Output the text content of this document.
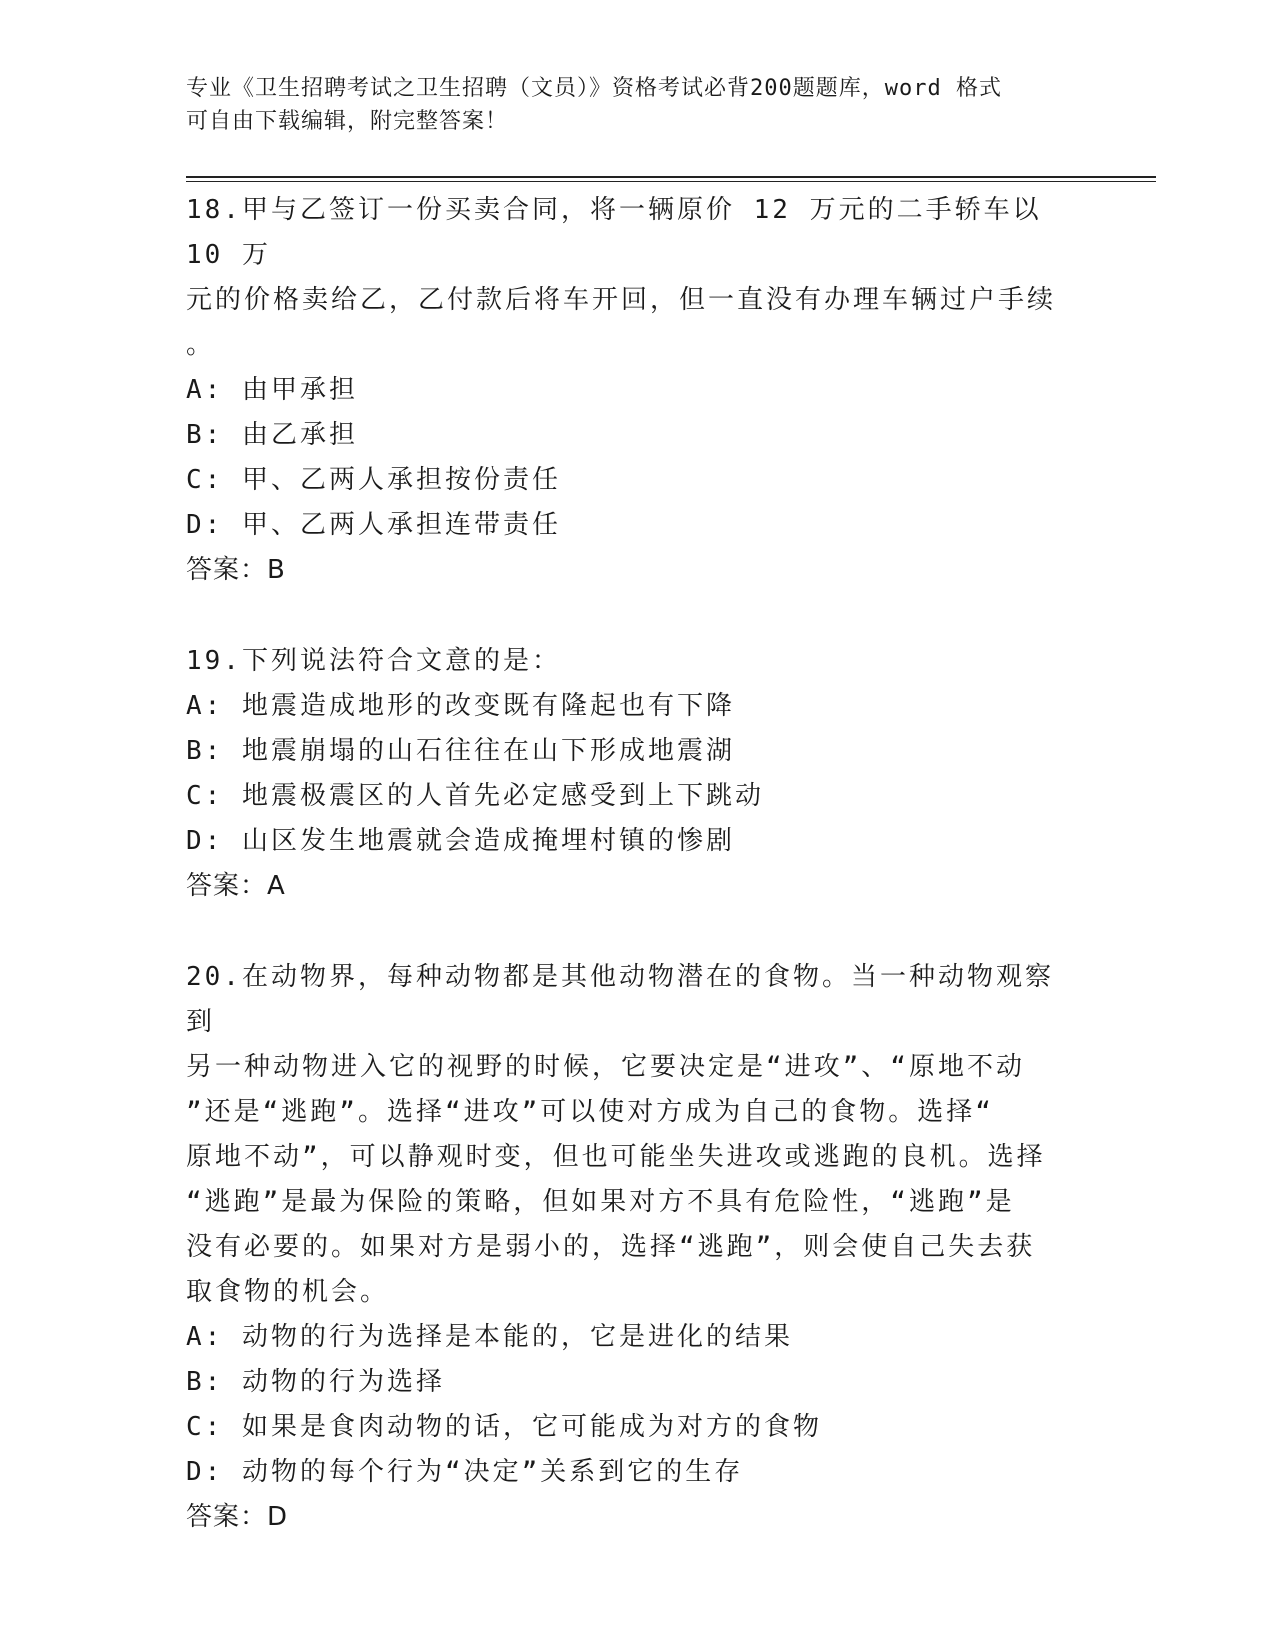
专业《卫生招聘考试之卫生招聘（文员）》资格考试必背200题题库，word 格式
可自由下载编辑，附完整答案！
18.甲与乙签订一份买卖合同，将一辆原价 12 万元的二手轿车以 10 万
元的价格卖给乙，乙付款后将车开回，但一直没有办理车辆过户手续
。
A: 由甲承担
B: 由乙承担
C: 甲、乙两人承担按份责任
D: 甲、乙两人承担连带责任
答案：B
19.下列说法符合文意的是：
A: 地震造成地形的改变既有隆起也有下降
B: 地震崩塌的山石往往在山下形成地震湖
C: 地震极震区的人首先必定感受到上下跳动
D: 山区发生地震就会造成掩埋村镇的惨剧
答案：A
20.在动物界，每种动物都是其他动物潜在的食物。当一种动物观察到
另一种动物进入它的视野的时候，它要决定是“进攻”、“原地不动
”还是“逃跑”。选择“进攻”可以使对方成为自己的食物。选择“
原地不动”，可以静观时变，但也可能坐失进攻或逃跑的良机。选择
“逃跑”是最为保险的策略，但如果对方不具有危险性，“逃跑”是
没有必要的。如果对方是弱小的，选择“逃跑”，则会使自己失去获
取食物的机会。
A: 动物的行为选择是本能的，它是进化的结果
B: 动物的行为选择
C: 如果是食肉动物的话，它可能成为对方的食物
D: 动物的每个行为“决定”关系到它的生存
答案：D
